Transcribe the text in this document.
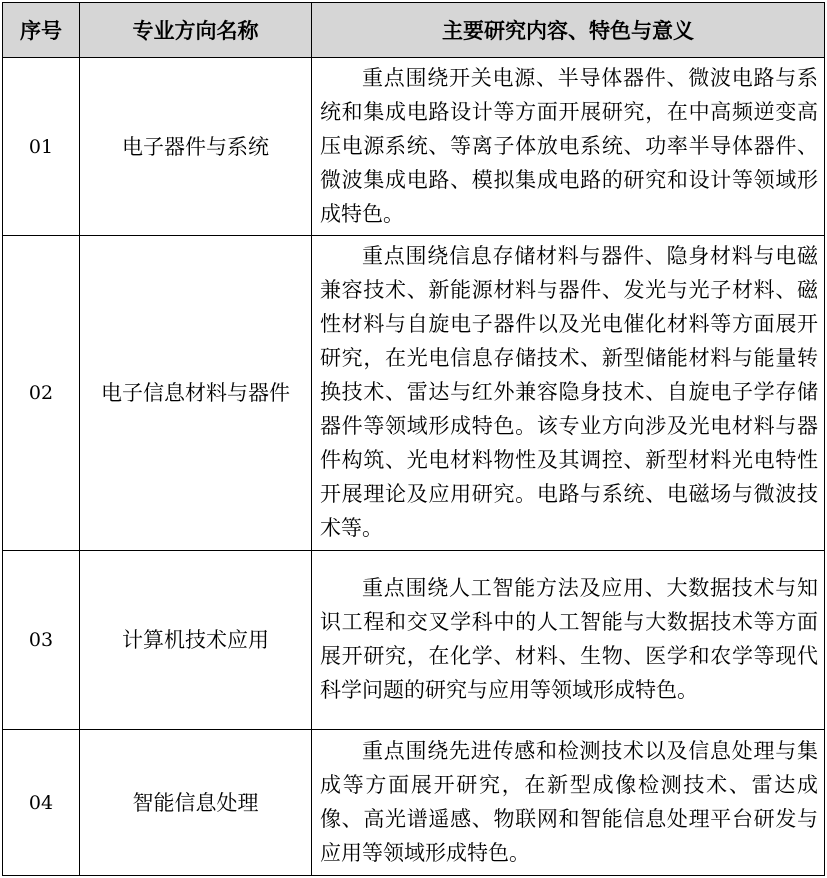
序号	专业方向名称	主要研究内容、特色与意义
01	电子器件与系统	重点围绕开关电源、半导体器件、微波电路与系统和集成电路设计等方面开展研究，在中高频逆变高压电源系统、等离子体放电系统、功率半导体器件、微波集成电路、模拟集成电路的研究和设计等领域形成特色。
02	电子信息材料与器件	重点围绕信息存储材料与器件、隐身材料与电磁兼容技术、新能源材料与器件、发光与光子材料、磁性材料与自旋电子器件以及光电催化材料等方面展开研究，在光电信息存储技术、新型储能材料与能量转换技术、雷达与红外兼容隐身技术、自旋电子学存储器件等领域形成特色。该专业方向涉及光电材料与器件构筑、光电材料物性及其调控、新型材料光电特性开展理论及应用研究。电路与系统、电磁场与微波技术等。
03	计算机技术应用	重点围绕人工智能方法及应用、大数据技术与知识工程和交叉学科中的人工智能与大数据技术等方面展开研究，在化学、材料、生物、医学和农学等现代科学问题的研究与应用等领域形成特色。
04	智能信息处理	重点围绕先进传感和检测技术以及信息处理与集成等方面展开研究，在新型成像检测技术、雷达成像、高光谱遥感、物联网和智能信息处理平台研发与应用等领域形成特色。
